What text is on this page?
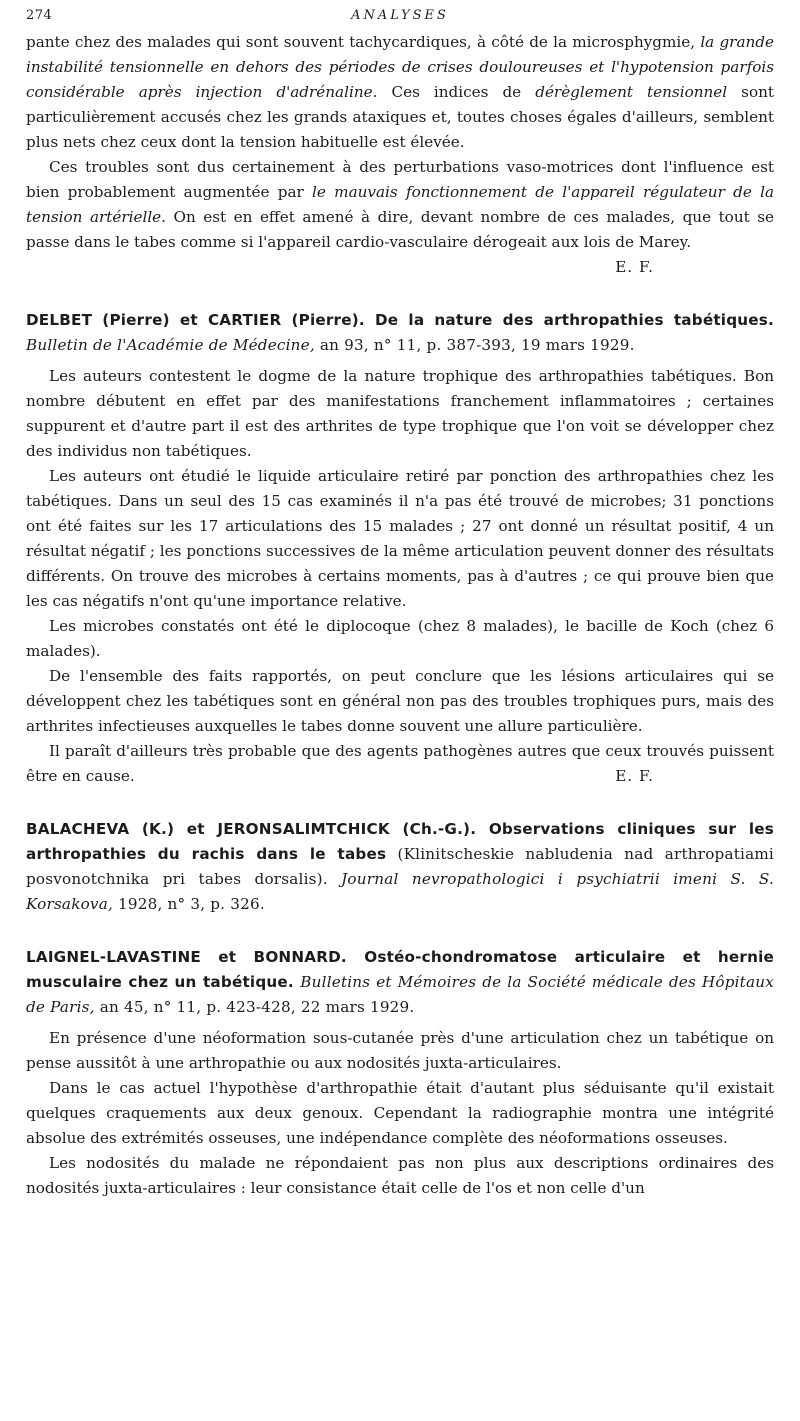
274	ANALYSES

pante chez des malades qui sont souvent tachycardiques, à côté de la microsphygmie, la grande instabilité tensionnelle en dehors des périodes de crises douloureuses et l'hypotension parfois considérable après injection d'adrénaline. Ces indices de dérèglement tensionnel sont particulièrement accusés chez les grands ataxiques et, toutes choses égales d'ailleurs, semblent plus nets chez ceux dont la tension habituelle est élevée.

Ces troubles sont dus certainement à des perturbations vaso-motrices dont l'influence est bien probablement augmentée par le mauvais fonctionnement de l'appareil régulateur de la tension artérielle. On est en effet amené à dire, devant nombre de ces malades, que tout se passe dans le tabes comme si l'appareil cardio-vasculaire dérogeait aux lois de Marey.
E. F.

DELBET (Pierre) et CARTIER (Pierre). De la nature des arthropathies tabétiques. Bulletin de l'Académie de Médecine, an 93, n° 11, p. 387-393, 19 mars 1929.

Les auteurs contestent le dogme de la nature trophique des arthropathies tabétiques. Bon nombre débutent en effet par des manifestations franchement inflammatoires ; certaines suppurent et d'autre part il est des arthrites de type trophique que l'on voit se développer chez des individus non tabétiques.

Les auteurs ont étudié le liquide articulaire retiré par ponction des arthropathies chez les tabétiques. Dans un seul des 15 cas examinés il n'a pas été trouvé de microbes; 31 ponctions ont été faites sur les 17 articulations des 15 malades ; 27 ont donné un résultat positif, 4 un résultat négatif ; les ponctions successives de la même articulation peuvent donner des résultats différents. On trouve des microbes à certains moments, pas à d'autres ; ce qui prouve bien que les cas négatifs n'ont qu'une importance relative.

Les microbes constatés ont été le diplocoque (chez 8 malades), le bacille de Koch (chez 6 malades).

De l'ensemble des faits rapportés, on peut conclure que les lésions articulaires qui se développent chez les tabétiques sont en général non pas des troubles trophiques purs, mais des arthrites infectieuses auxquelles le tabes donne souvent une allure particulière.

Il paraît d'ailleurs très probable que des agents pathogènes autres que ceux trouvés puissent être en cause.	E. F.

BALACHEVA (K.) et JERONSALIMTCHICK (Ch.-G.). Observations cliniques sur les arthropathies du rachis dans le tabes (Klinitscheskie nabludenia nad arthropatiami posvonotchnika pri tabes dorsalis). Journal nevropathologici i psychiatrii imeni S. S. Korsakova, 1928, n° 3, p. 326.
LAIGNEL-LAVASTINE et BONNARD. Ostéo-chondromatose articulaire et hernie musculaire chez un tabétique. Bulletins et Mémoires de la Société médicale des Hôpitaux de Paris, an 45, n° 11, p. 423-428, 22 mars 1929.

En présence d'une néoformation sous-cutanée près d'une articulation chez un tabétique on pense aussitôt à une arthropathie ou aux nodosités juxta-articulaires.

Dans le cas actuel l'hypothèse d'arthropathie était d'autant plus séduisante qu'il existait quelques craquements aux deux genoux. Cependant la radiographie montra une intégrité absolue des extrémités osseuses, une indépendance complète des néoformations osseuses.

Les nodosités du malade ne répondaient pas non plus aux descriptions ordinaires des nodosités juxta-articulaires : leur consistance était celle de l'os et non celle d'un
